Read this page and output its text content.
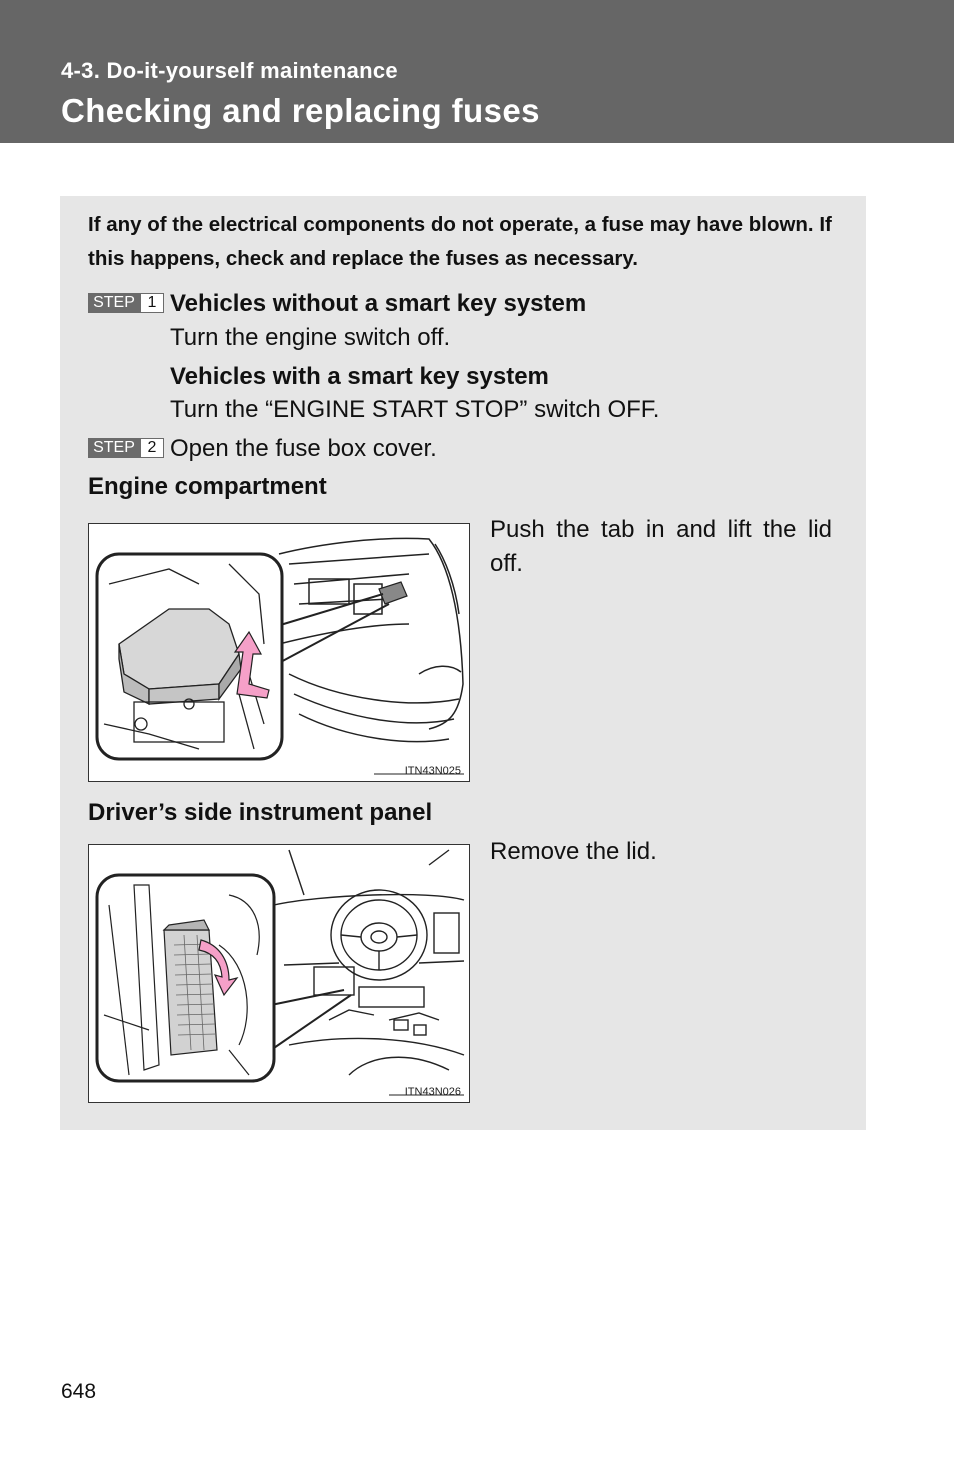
4-3. Do-it-yourself maintenance
Checking and replacing fuses
If any of the electrical components do not operate, a fuse may have blown. If this happens, check and replace the fuses as necessary.
STEP 1 Vehicles without a smart key system
Turn the engine switch off.
Vehicles with a smart key system
Turn the “ENGINE START STOP” switch OFF.
STEP 2 Open the fuse box cover.
Engine compartment
ITN43N025
Push the tab in and lift the lid off.
Driver’s side instrument panel
ITN43N026
Remove the lid.
648
